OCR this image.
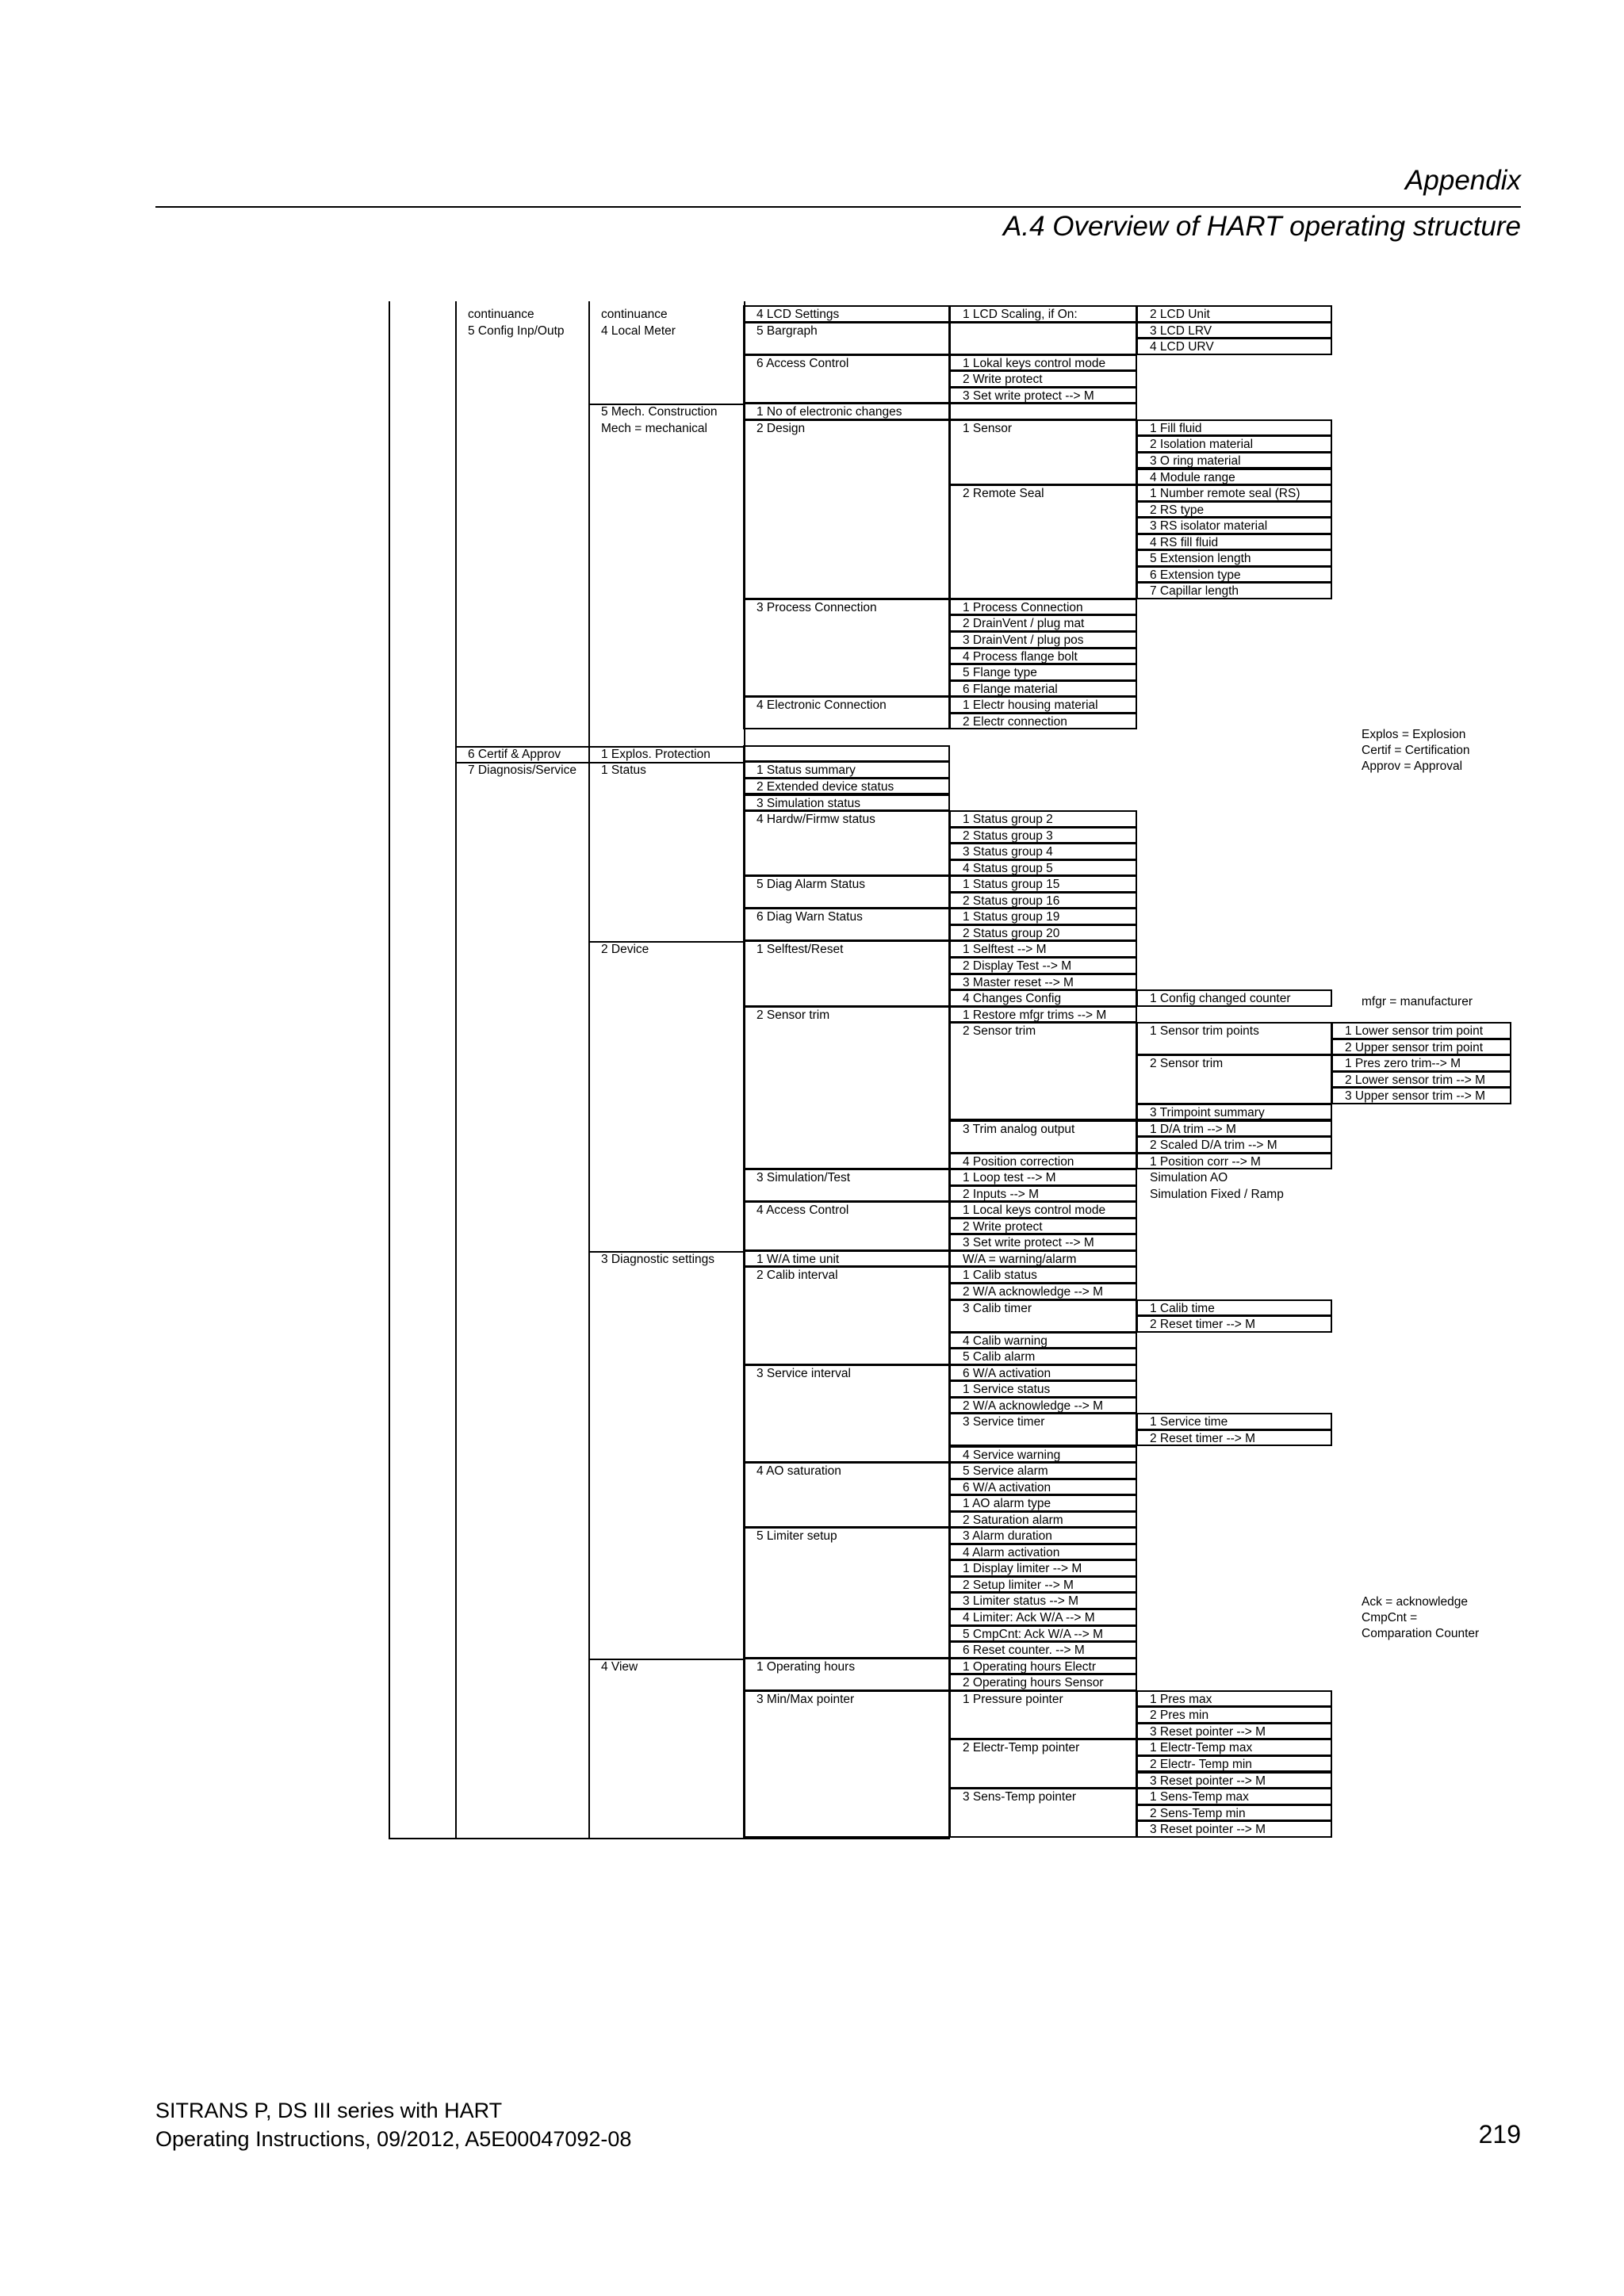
Appendix
A.4 Overview of HART operating structure
continuance
5 Config Inp/Outp
6 Certif & Approv
7 Diagnosis/Service
continuance
4 Local Meter
5 Mech. Construction
Mech = mechanical
1 Explos. Protection
1 Status
2 Device
3 Diagnostic settings
4 View
4 LCD Settings
5 Bargraph
6 Access Control
1 No of electronic changes
2 Design
3 Process Connection
4 Electronic Connection
1 Status summary
2 Extended device status
3 Simulation status
4 Hardw/Firmw status
5 Diag Alarm Status
6 Diag Warn Status
1 Selftest/Reset
2 Sensor trim
3 Simulation/Test
4 Access Control
1 W/A time unit
2 Calib interval
3 Service interval
4 AO saturation
5 Limiter setup
1 Operating hours
3 Min/Max pointer
1 LCD Scaling, if On:
1 Lokal keys control mode
2 Write protect
3 Set write protect --> M
1 Sensor
2 Remote Seal
1 Process Connection
2 DrainVent / plug mat
3 DrainVent / plug pos
4 Process flange bolt
5 Flange type
6 Flange material
1 Electr housing material
2 Electr connection
1 Status group 2
2 Status group 3
3 Status group 4
4 Status group 5
1 Status group 15
2 Status group 16
1 Status group 19
2 Status group 20
1 Selftest --> M
2 Display Test --> M
3 Master reset --> M
4 Changes Config
1 Restore mfgr trims --> M
2 Sensor trim
3 Trim analog output
4 Position correction
1 Loop test --> M
2 Inputs --> M
1 Local keys control mode
2 Write protect
3 Set write protect --> M
W/A = warning/alarm
1 Calib status
2 W/A acknowledge --> M
3 Calib timer
4 Calib warning
5 Calib alarm
6 W/A activation
1 Service status
2 W/A acknowledge --> M
3 Service timer
4 Service warning
5 Service alarm
6 W/A activation
1 AO alarm type
2 Saturation alarm
3 Alarm duration
4 Alarm activation
1 Display limiter --> M
2 Setup limiter --> M
3 Limiter status --> M
4 Limiter: Ack W/A --> M
5 CmpCnt: Ack W/A --> M
6 Reset counter. --> M
1 Operating hours Electr
2 Operating hours Sensor
1 Pressure pointer
2 Electr-Temp pointer
3 Sens-Temp pointer
2 LCD Unit
3 LCD LRV
4 LCD URV
1 Fill fluid
2 Isolation material
3 O ring material
4 Module range
1 Number remote seal (RS)
2 RS type
3 RS isolator material
4 RS fill fluid
5 Extension length
6 Extension type
7 Capillar length
1 Config changed counter
1 Sensor trim points
2 Sensor trim
3 Trimpoint summary
1 D/A trim --> M
2 Scaled D/A trim --> M
1 Position corr --> M
Simulation AO
Simulation Fixed / Ramp
1 Calib time
2 Reset timer --> M
1 Service time
2 Reset timer --> M
1 Pres max
2 Pres min
3 Reset pointer --> M
1 Electr-Temp max
2 Electr- Temp min
3 Reset pointer --> M
1 Sens-Temp max
2 Sens-Temp min
3 Reset pointer --> M
1 Lower sensor trim point
2 Upper sensor trim point
1 Pres zero trim--> M
2 Lower sensor trim --> M
3 Upper sensor trim --> M
Explos = Explosion
Certif = Certification
Approv = Approval
mfgr = manufacturer
Ack = acknowledge
CmpCnt =
Comparation Counter
SITRANS P, DS III series with HART
Operating Instructions, 09/2012, A5E00047092-08	219
